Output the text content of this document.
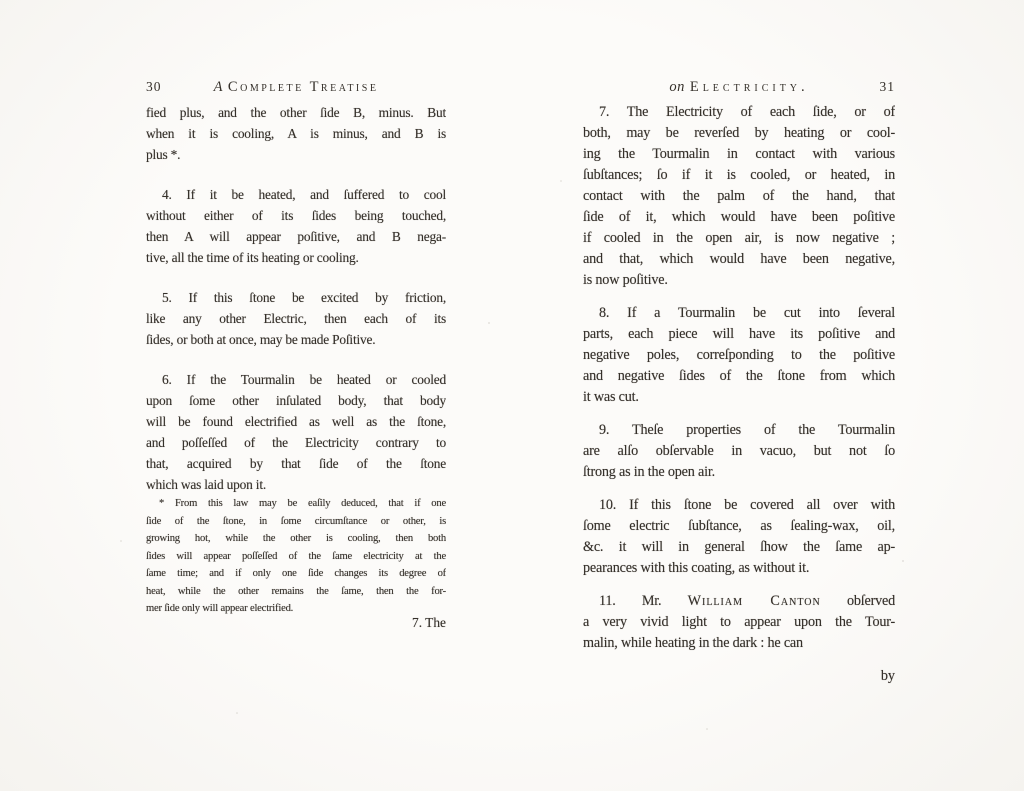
30	A Complete Treatise
fied plus, and the other ſide B, minus. But
when it is cooling, A is minus, and B is
plus *.
4. If it be heated, and ſuffered to cool
without either of its ſides being touched,
then A will appear poſitive, and B nega-
tive, all the time of its heating or cooling.
5. If this ſtone be excited by friction,
like any other Electric, then each of its
ſides, or both at once, may be made Poſitive.
6. If the Tourmalin be heated or cooled
upon ſome other inſulated body, that body
will be found electrified as well as the ſtone,
and poſſeſſed of the Electricity contrary to
that, acquired by that ſide of the ſtone
which was laid upon it.
* From this law may be eaſily deduced, that if one
ſide of the ſtone, in ſome circumſtance or other, is
growing hot, while the other is cooling, then both
ſides will appear poſſeſſed of the ſame electricity at the
ſame time; and if only one ſide changes its degree of
heat, while the other remains the ſame, then the for-
mer ſide only will appear electrified.
7. The
on Electricity.	31
7. The Electricity of each ſide, or of
both, may be reverſed by heating or cool-
ing the Tourmalin in contact with various
ſubſtances; ſo if it is cooled, or heated, in
contact with the palm of the hand, that
ſide of it, which would have been poſitive
if cooled in the open air, is now negative ;
and that, which would have been negative,
is now poſitive.
8. If a Tourmalin be cut into ſeveral
parts, each piece will have its poſitive and
negative poles, correſponding to the poſitive
and negative ſides of the ſtone from which
it was cut.
9. Theſe properties of the Tourmalin
are alſo obſervable in vacuo, but not ſo
ſtrong as in the open air.
10. If this ſtone be covered all over with
ſome electric ſubſtance, as ſealing-wax, oil,
&c. it will in general ſhow the ſame ap-
pearances with this coating, as without it.
11. Mr. William Canton obſerved
a very vivid light to appear upon the Tour-
malin, while heating in the dark : he can
by
